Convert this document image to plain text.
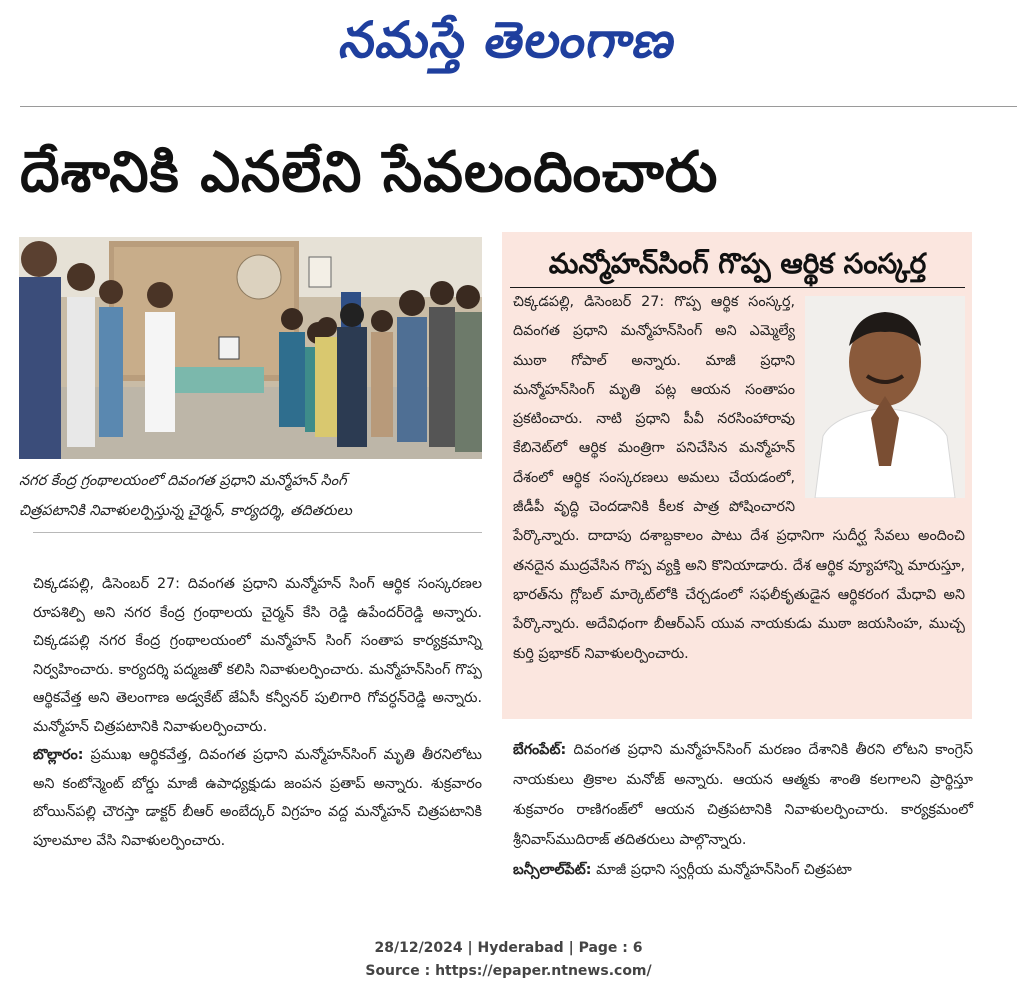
నమస్తే తెలంగాణ
దేశానికి ఎనలేని సేవలందించారు
నగర కేంద్ర గ్రంథాలయంలో దివంగత ప్రధాని మన్మోహన్ సింగ్
చిత్రపటానికి నివాళులర్పిస్తున్న చైర్మన్, కార్యదర్శి, తదితరులు

చిక్కడపల్లి, డిసెంబర్ 27: దివంగత ప్రధాని మన్మోహన్ సింగ్ ఆర్థిక సంస్కరణల రూపశిల్పి అని నగర కేంద్ర గ్రంథాలయ చైర్మన్ కేసి రెడ్డి ఉపేందర్‌రెడ్డి అన్నారు. చిక్కడపల్లి నగర కేంద్ర గ్రంథాలయంలో మన్మోహన్ సింగ్ సంతాప కార్యక్రమాన్ని నిర్వహించారు. కార్యదర్శి పద్మజతో కలిసి నివాళులర్పించారు. మన్మోహన్‌సింగ్ గొప్ప ఆర్థికవేత్త అని తెలంగాణ అడ్వకేట్ జేఏసీ కన్వీనర్ పులిగారి గోవర్ధన్‌రెడ్డి అన్నారు. మన్మోహన్ చిత్రపటానికి నివాళులర్పించారు.

బొల్లారం: ప్రముఖ ఆర్థికవేత్త, దివంగత ప్రధాని మన్మోహన్‌సింగ్ మృతి తీరనిలోటు అని కంటోన్మెంట్ బోర్డు మాజీ ఉపాధ్యక్షుడు జంపన ప్రతాప్ అన్నారు. శుక్రవారం బోయిన్‌పల్లి చౌరస్తా డాక్టర్ బీఆర్ అంబేద్కర్ విగ్రహం వద్ద మన్మోహన్ చిత్రపటానికి పూలమాల వేసి నివాళులర్పించారు.

మన్మోహన్‌సింగ్ గొప్ప ఆర్థిక సంస్కర్త
చిక్కడపల్లి, డిసెంబర్ 27: గొప్ప ఆర్థిక సంస్కర్త, దివంగత ప్రధాని మన్మోహన్‌సింగ్ అని ఎమ్మెల్యే ముఠా గోపాల్ అన్నారు. మాజీ ప్రధాని మన్మోహన్‌సింగ్ మృతి పట్ల ఆయన సంతాపం ప్రకటించారు. నాటి ప్రధాని పీవీ నరసింహారావు కేబినెట్‌లో ఆర్థిక మంత్రిగా పనిచేసిన మన్మోహన్ దేశంలో ఆర్థిక సంస్కరణలు అమలు చేయడంలో, జీడీపీ వృద్ధి చెందడానికి కీలక పాత్ర పోషించారని పేర్కొన్నారు. దాదాపు దశాబ్దకాలం పాటు దేశ ప్రధానిగా సుదీర్ఘ సేవలు అందించి తనదైన ముద్రవేసిన గొప్ప వ్యక్తి అని కొనియాడారు. దేశ ఆర్థిక వ్యూహాన్ని మారుస్తూ, భారత్‌ను గ్లోబల్ మార్కెట్‌లోకి చేర్చడంలో సఫలీకృతుడైన ఆర్థికరంగ మేధావి అని పేర్కొన్నారు. అదేవిధంగా బీఆర్‌ఎస్ యువ నాయకుడు ముఠా జయసింహ, ముచ్చ కుర్తి ప్రభాకర్ నివాళులర్పించారు.

బేగంపేట్: దివంగత ప్రధాని మన్మోహన్‌సింగ్ మరణం దేశానికి తీరని లోటని కాంగ్రెస్ నాయకులు త్రికాల మనోజ్ అన్నారు. ఆయన ఆత్మకు శాంతి కలగాలని ప్రార్థిస్తూ శుక్రవారం రాణిగంజ్‌లో ఆయన చిత్రపటానికి నివాళులర్పించారు. కార్యక్రమంలో శ్రీనివాస్‌ముదిరాజ్ తదితరులు పాల్గొన్నారు.

బన్సీలాల్‌పేట్: మాజీ ప్రధాని స్వర్గీయ మన్మోహన్‌సింగ్ చిత్రపటా

28/12/2024 | Hyderabad | Page : 6
Source : https://epaper.ntnews.com/
